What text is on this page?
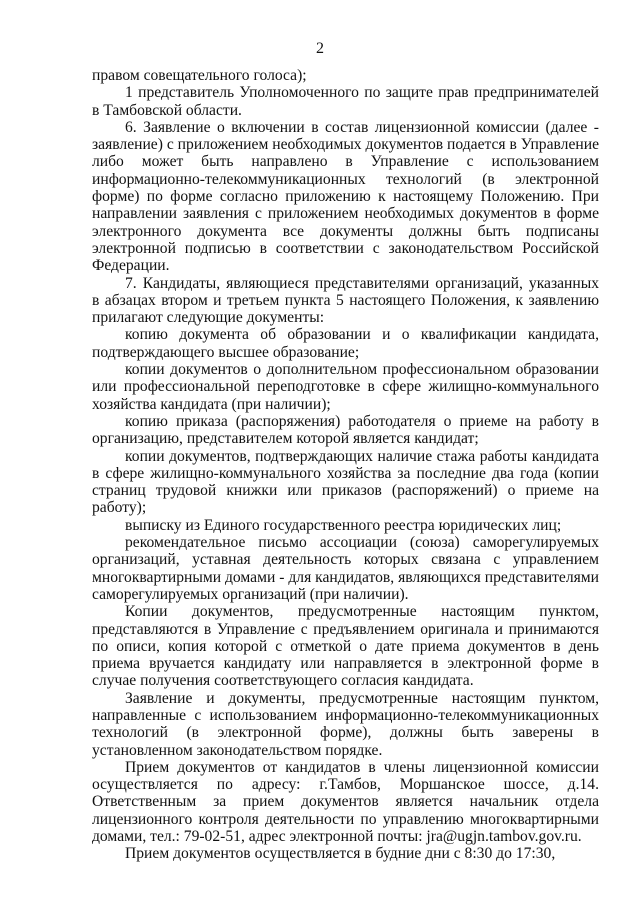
2

правом совещательного голоса);

1 представитель Уполномоченного по защите прав предпринимателей в Тамбовской области.

6. Заявление о включении в состав лицензионной комиссии (далее - заявление) с приложением необходимых документов подается в Управление либо может быть направлено в Управление с использованием информационно-телекоммуникационных технологий (в электронной форме) по форме согласно приложению к настоящему Положению. При направлении заявления с приложением необходимых документов в форме электронного документа все документы должны быть подписаны электронной подписью в соответствии с законодательством Российской Федерации.

7. Кандидаты, являющиеся представителями организаций, указанных в абзацах втором и третьем пункта 5 настоящего Положения, к заявлению прилагают следующие документы:

копию документа об образовании и о квалификации кандидата, подтверждающего высшее образование;

копии документов о дополнительном профессиональном образовании или профессиональной переподготовке в сфере жилищно-коммунального хозяйства кандидата (при наличии);

копию приказа (распоряжения) работодателя о приеме на работу в организацию, представителем которой является кандидат;

копии документов, подтверждающих наличие стажа работы кандидата в сфере жилищно-коммунального хозяйства за последние два года (копии страниц трудовой книжки или приказов (распоряжений) о приеме на работу);

выписку из Единого государственного реестра юридических лиц;

рекомендательное письмо ассоциации (союза) саморегулируемых организаций, уставная деятельность которых связана с управлением многоквартирными домами - для кандидатов, являющихся представителями саморегулируемых организаций (при наличии).

Копии документов, предусмотренные настоящим пунктом, представляются в Управление с предъявлением оригинала и принимаются по описи, копия которой с отметкой о дате приема документов в день приема вручается кандидату или направляется в электронной форме в случае получения соответствующего согласия кандидата.

Заявление и документы, предусмотренные настоящим пунктом, направленные с использованием информационно-телекоммуникационных технологий (в электронной форме), должны быть заверены в установленном законодательством порядке.

Прием документов от кандидатов в члены лицензионной комиссии осуществляется по адресу: г.Тамбов, Моршанское шоссе, д.14. Ответственным за прием документов является начальник отдела лицензионного контроля деятельности по управлению многоквартирными домами, тел.: 79-02-51, адрес электронной почты: jra@ugjn.tambov.gov.ru.

Прием документов осуществляется в будние дни с 8:30 до 17:30,
